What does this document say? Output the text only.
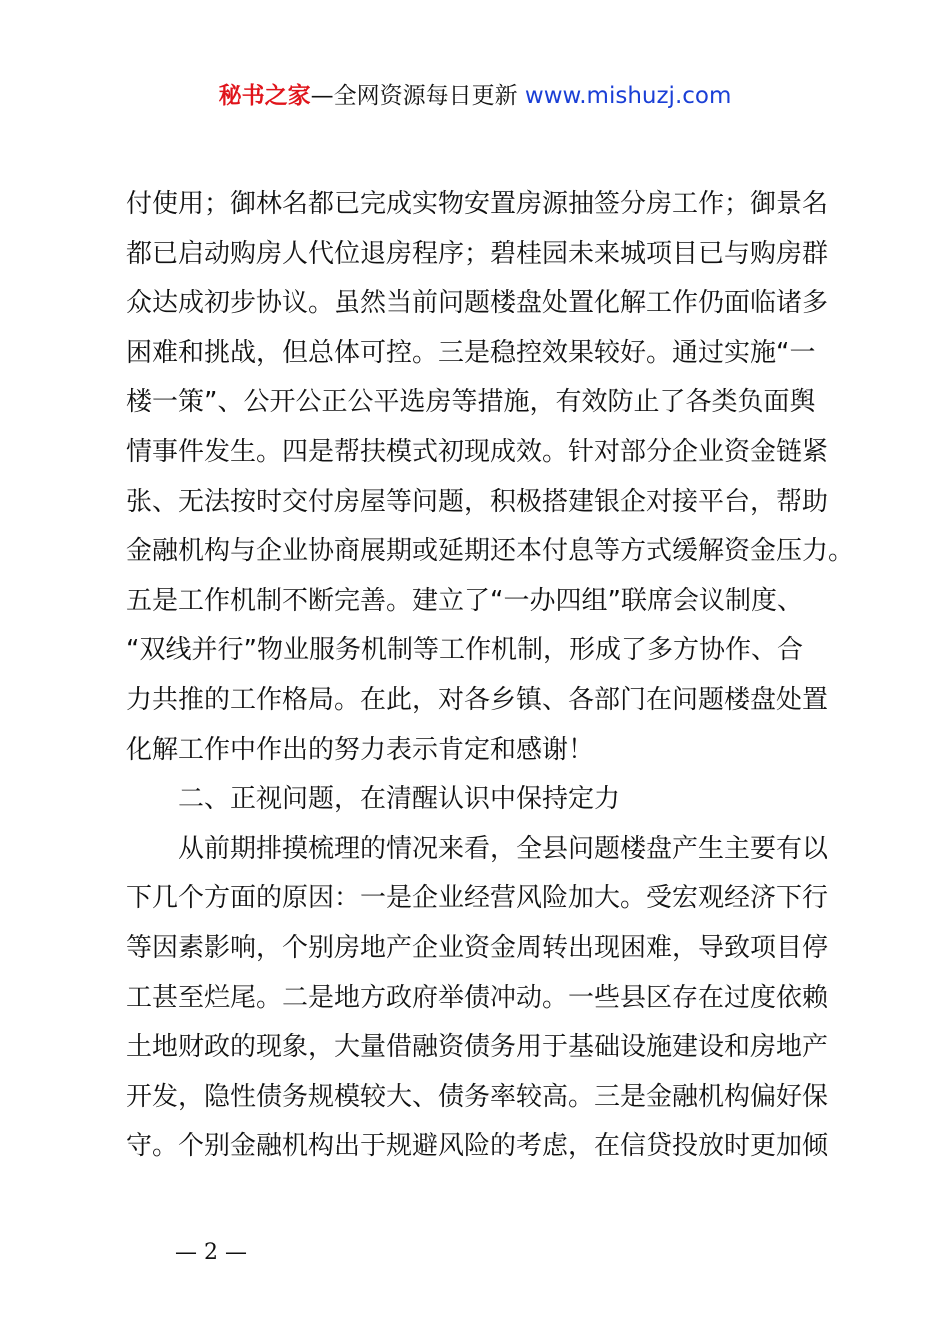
秘书之家—全网资源每日更新 www.mishuzj.com
付使用；御林名都已完成实物安置房源抽签分房工作；御景名
都已启动购房人代位退房程序；碧桂园未来城项目已与购房群
众达成初步协议。虽然当前问题楼盘处置化解工作仍面临诸多
困难和挑战，但总体可控。三是稳控效果较好。通过实施“一
楼一策”、公开公正公平选房等措施，有效防止了各类负面舆
情事件发生。四是帮扶模式初现成效。针对部分企业资金链紧
张、无法按时交付房屋等问题，积极搭建银企对接平台，帮助
金融机构与企业协商展期或延期还本付息等方式缓解资金压力。
五是工作机制不断完善。建立了“一办四组”联席会议制度、
“双线并行”物业服务机制等工作机制，形成了多方协作、合
力共推的工作格局。在此，对各乡镇、各部门在问题楼盘处置
化解工作中作出的努力表示肯定和感谢！
二、正视问题，在清醒认识中保持定力
从前期排摸梳理的情况来看，全县问题楼盘产生主要有以
下几个方面的原因：一是企业经营风险加大。受宏观经济下行
等因素影响，个别房地产企业资金周转出现困难，导致项目停
工甚至烂尾。二是地方政府举债冲动。一些县区存在过度依赖
土地财政的现象，大量借融资债务用于基础设施建设和房地产
开发，隐性债务规模较大、债务率较高。三是金融机构偏好保
守。个别金融机构出于规避风险的考虑，在信贷投放时更加倾
— 2 —
